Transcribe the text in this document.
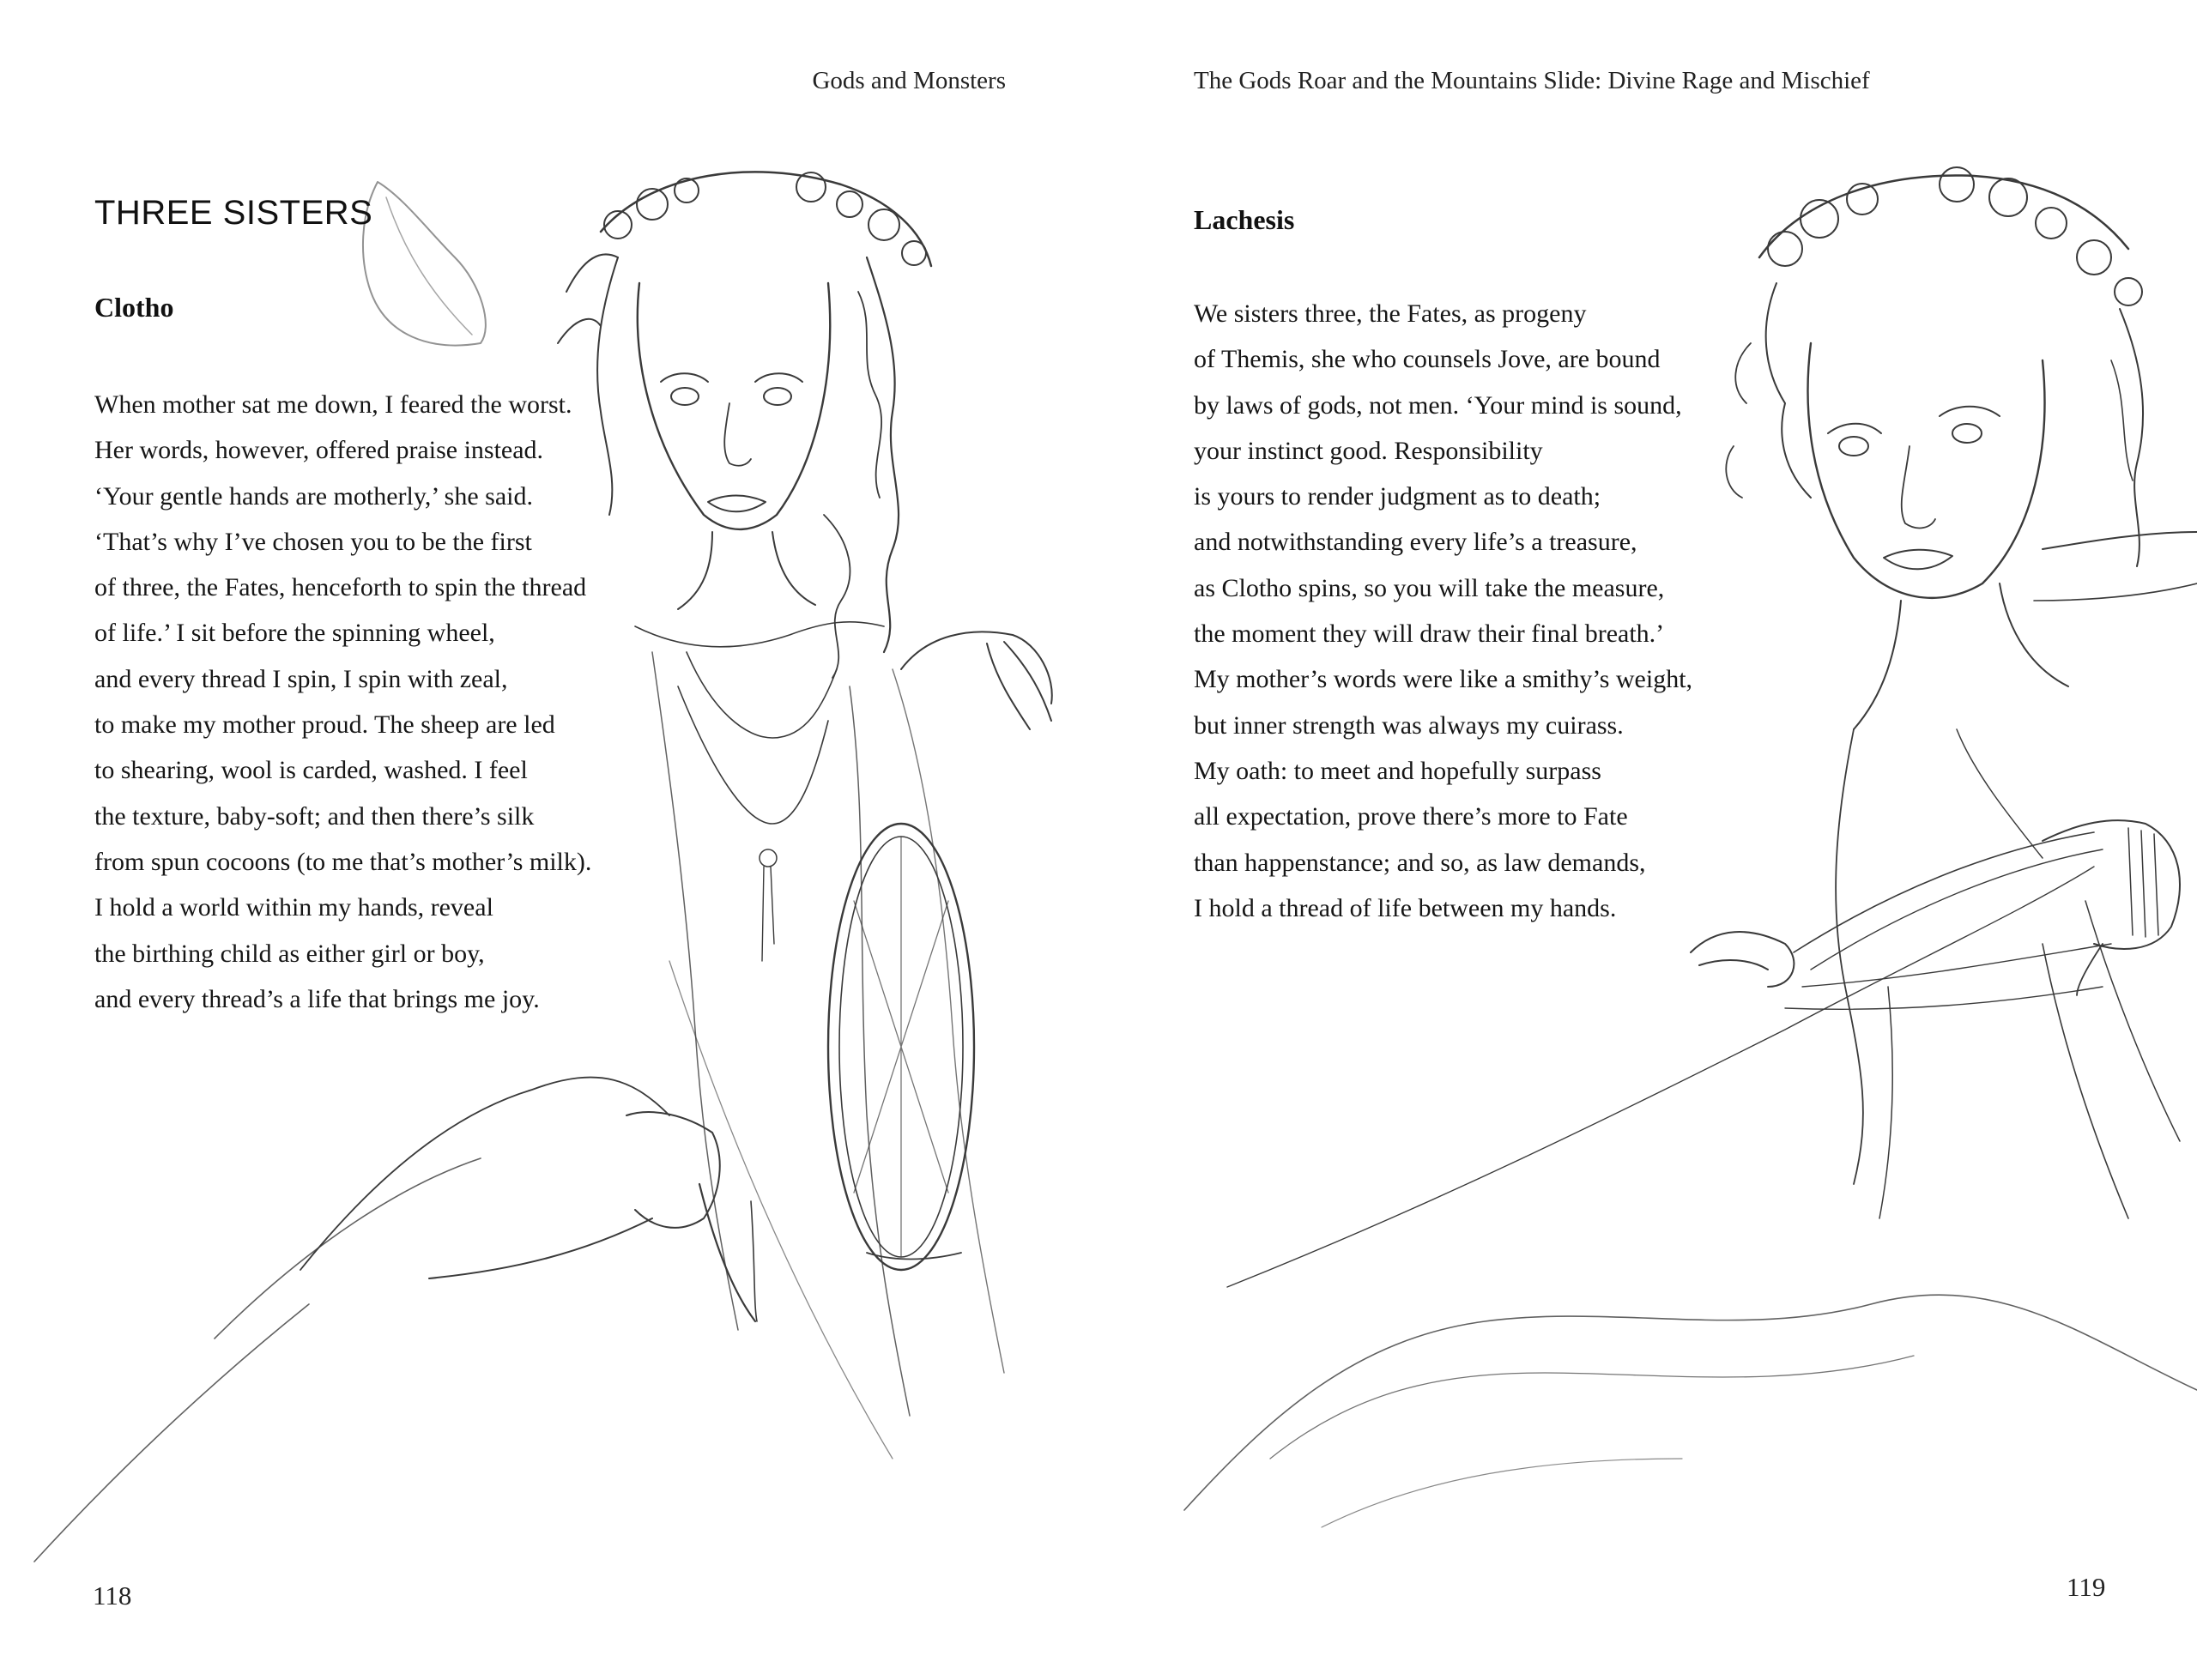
Gods and Monsters
THREE SISTERS
Clotho
When mother sat me down, I feared the worst.
Her words, however, offered praise instead.
‘Your gentle hands are motherly,’ she said.
‘That’s why I’ve chosen you to be the first
of three, the Fates, henceforth to spin the thread
of life.’ I sit before the spinning wheel,
and every thread I spin, I spin with zeal,
to make my mother proud. The sheep are led
to shearing, wool is carded, washed. I feel
the texture, baby-soft; and then there’s silk
from spun cocoons (to me that’s mother’s milk).
I hold a world within my hands, reveal
the birthing child as either girl or boy,
and every thread’s a life that brings me joy.
118
The Gods Roar and the Mountains Slide: Divine Rage and Mischief
Lachesis
We sisters three, the Fates, as progeny
of Themis, she who counsels Jove, are bound
by laws of gods, not men. ‘Your mind is sound,
your instinct good. Responsibility
is yours to render judgment as to death;
and notwithstanding every life’s a treasure,
as Clotho spins, so you will take the measure,
the moment they will draw their final breath.’
My mother’s words were like a smithy’s weight,
but inner strength was always my cuirass.
My oath: to meet and hopefully surpass
all expectation, prove there’s more to Fate
than happenstance; and so, as law demands,
I hold a thread of life between my hands.
119
